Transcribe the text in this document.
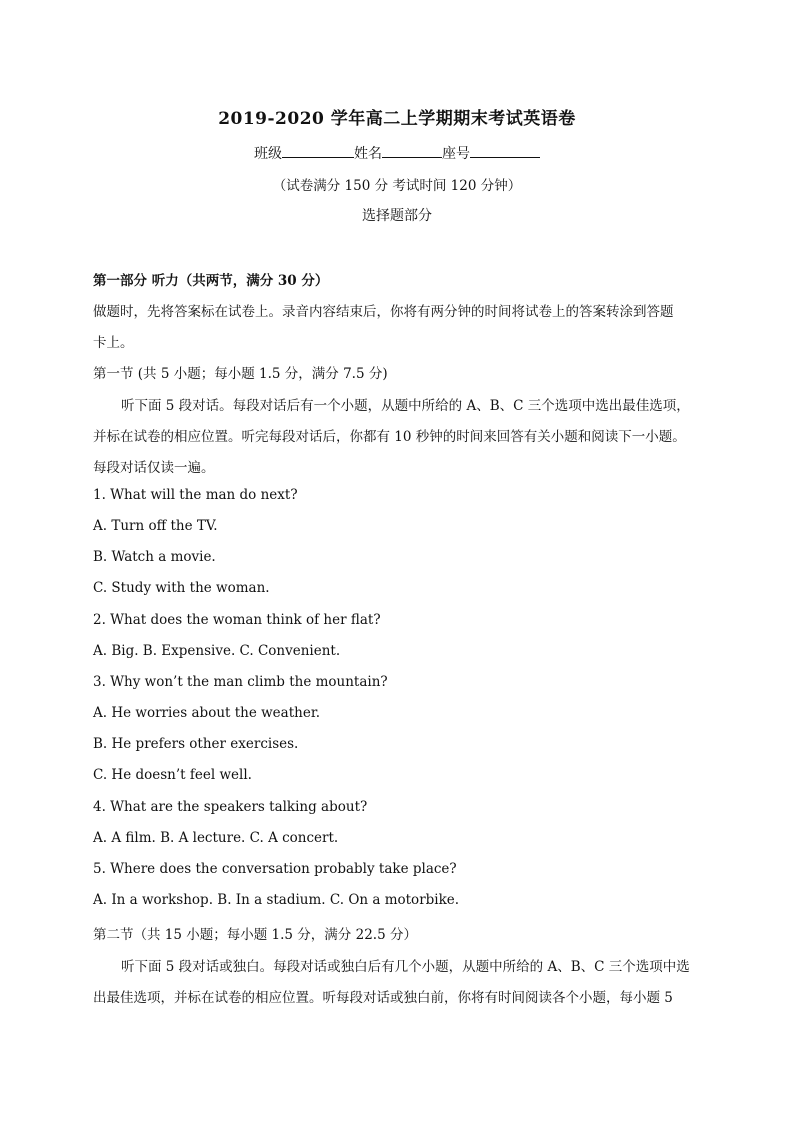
2019-2020 学年高二上学期期末考试英语卷
班级	姓名	座号
（试卷满分 150 分 考试时间 120 分钟）
选择题部分
第一部分 听力（共两节，满分 30 分）
做题时，先将答案标在试卷上。录音内容结束后，你将有两分钟的时间将试卷上的答案转涂到答题
卡上。
第一节 (共 5 小题；每小题 1.5 分，满分 7.5 分)
听下面 5 段对话。每段对话后有一个小题，从题中所给的 A、B、C 三个选项中选出最佳选项，
并标在试卷的相应位置。听完每段对话后，你都有 10 秒钟的时间来回答有关小题和阅读下一小题。
每段对话仅读一遍。
1. What will the man do next?
A. Turn off the TV.
B. Watch a movie.
C. Study with the woman.
2. What does the woman think of her flat?
A. Big. B. Expensive. C. Convenient.
3. Why won’t the man climb the mountain?
A. He worries about the weather.
B. He prefers other exercises.
C. He doesn’t feel well.
4. What are the speakers talking about?
A. A film. B. A lecture. C. A concert.
5. Where does the conversation probably take place?
A. In a workshop. B. In a stadium. C. On a motorbike.
第二节（共 15 小题；每小题 1.5 分，满分 22.5 分）
听下面 5 段对话或独白。每段对话或独白后有几个小题，从题中所给的 A、B、C 三个选项中选
出最佳选项，并标在试卷的相应位置。听每段对话或独白前，你将有时间阅读各个小题，每小题 5
